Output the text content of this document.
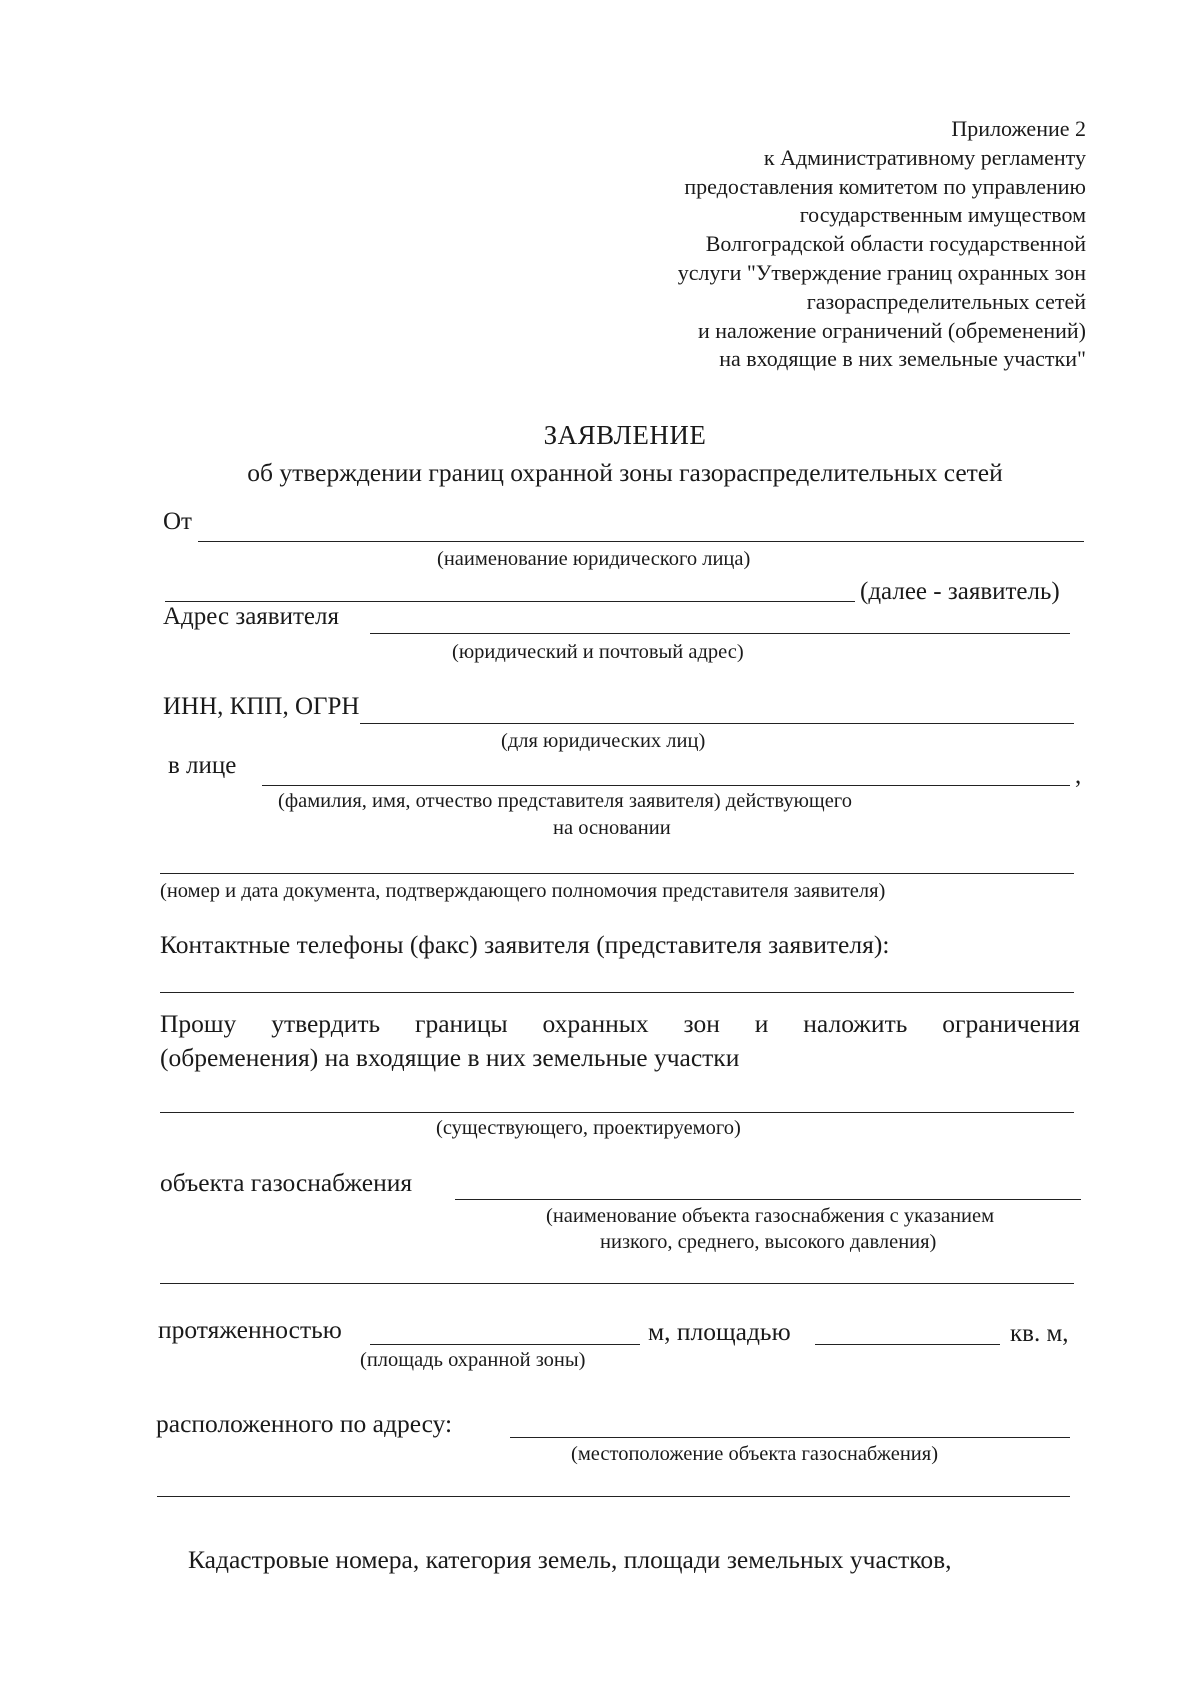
Приложение 2
к Административному регламенту
предоставления комитетом по управлению
государственным имуществом
Волгоградской области государственной
услуги "Утверждение границ охранных зон
газораспределительных сетей
и наложение ограничений (обременений)
на входящие в них земельные участки"
ЗАЯВЛЕНИЕ
об утверждении границ охранной зоны газораспределительных сетей
От
(наименование юридического лица)
(далее - заявитель)
Адрес заявителя
(юридический и почтовый адрес)
ИНН, КПП, ОГРН
(для юридических лиц)
в лице	,
(фамилия, имя, отчество представителя заявителя) действующего
на основании
(номер и дата документа, подтверждающего полномочия представителя заявителя)
Контактные телефоны (факс) заявителя (представителя заявителя):
Прошу утвердить границы охранных зон и наложить ограничения
(обременения) на входящие в них земельные участки
(существующего, проектируемого)
объекта газоснабжения
(наименование объекта газоснабжения с указанием
низкого, среднего, высокого давления)
протяженностью	м, площадью	кв. м,
(площадь охранной зоны)
расположенного по адресу:
(местоположение объекта газоснабжения)
Кадастровые номера, категория земель, площади земельных участков,
